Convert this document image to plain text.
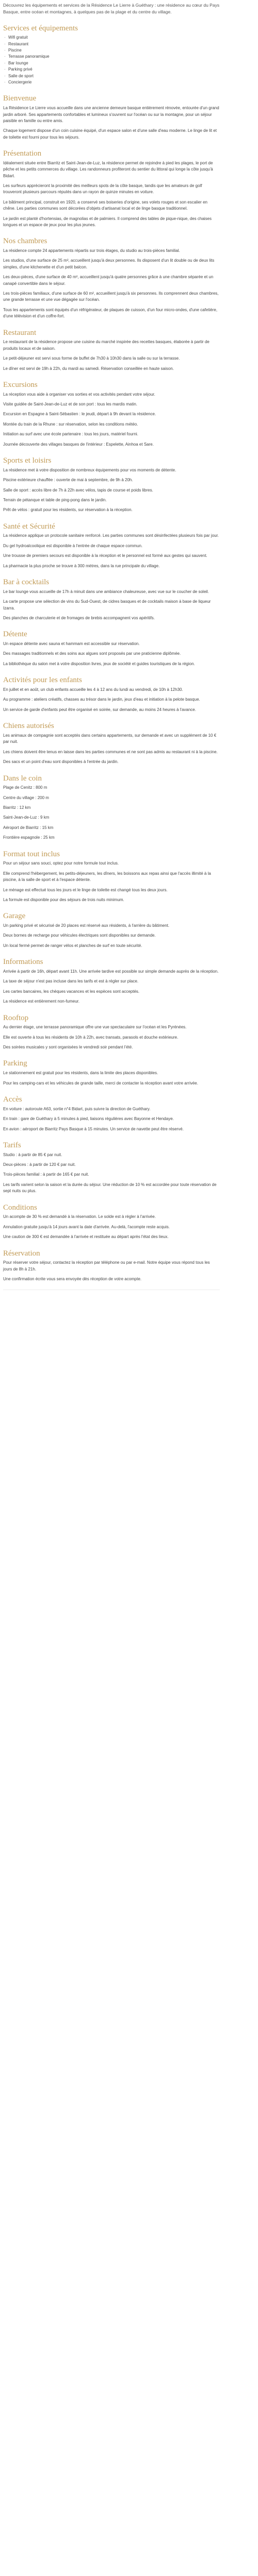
Découvrez les équipements et services de la Résidence Le Lierre à Guéthary : une résidence au cœur du Pays Basque, entre océan et montagnes, à quelques pas de la plage et du centre du village.

Services et équipements
· Wifi gratuit
· Restaurant
· Piscine
· Terrasse panoramique
· Bar lounge
· Parking privé
· Salle de sport
· Conciergerie
Bienvenue

La Résidence Le Lierre vous accueille dans une ancienne demeure basque entièrement rénovée, entourée d'un grand jardin arboré. Ses appartements confortables et lumineux s'ouvrent sur l'océan ou sur la montagne, pour un séjour paisible en famille ou entre amis.

Chaque logement dispose d'un coin cuisine équipé, d'un espace salon et d'une salle d'eau moderne. Le linge de lit et de toilette est fourni pour tous les séjours.

Présentation

Idéalement située entre Biarritz et Saint-Jean-de-Luz, la résidence permet de rejoindre à pied les plages, le port de pêche et les petits commerces du village. Les randonneurs profiteront du sentier du littoral qui longe la côte jusqu'à Bidart.

Les surfeurs apprécieront la proximité des meilleurs spots de la côte basque, tandis que les amateurs de golf trouveront plusieurs parcours réputés dans un rayon de quinze minutes en voiture.

Le bâtiment principal, construit en 1920, a conservé ses boiseries d'origine, ses volets rouges et son escalier en chêne. Les parties communes sont décorées d'objets d'artisanat local et de linge basque traditionnel.

Le jardin est planté d'hortensias, de magnolias et de palmiers. Il comprend des tables de pique-nique, des chaises longues et un espace de jeux pour les plus jeunes.

Nos chambres

La résidence compte 24 appartements répartis sur trois étages, du studio au trois-pièces familial.

Les studios, d'une surface de 25 m², accueillent jusqu'à deux personnes. Ils disposent d'un lit double ou de deux lits simples, d'une kitchenette et d'un petit balcon.

Les deux-pièces, d'une surface de 40 m², accueillent jusqu'à quatre personnes grâce à une chambre séparée et un canapé convertible dans le séjour.

Les trois-pièces familiaux, d'une surface de 60 m², accueillent jusqu'à six personnes. Ils comprennent deux chambres, une grande terrasse et une vue dégagée sur l'océan.

Tous les appartements sont équipés d'un réfrigérateur, de plaques de cuisson, d'un four micro-ondes, d'une cafetière, d'une télévision et d'un coffre-fort.

Restaurant

Le restaurant de la résidence propose une cuisine du marché inspirée des recettes basques, élaborée à partir de produits locaux et de saison.

Le petit-déjeuner est servi sous forme de buffet de 7h30 à 10h30 dans la salle ou sur la terrasse.

Le dîner est servi de 19h à 22h, du mardi au samedi. Réservation conseillée en haute saison.

Excursions

La réception vous aide à organiser vos sorties et vos activités pendant votre séjour.

Visite guidée de Saint-Jean-de-Luz et de son port : tous les mardis matin.

Excursion en Espagne à Saint-Sébastien : le jeudi, départ à 9h devant la résidence.

Montée du train de la Rhune : sur réservation, selon les conditions météo.

Initiation au surf avec une école partenaire : tous les jours, matériel fourni.

Journée découverte des villages basques de l'intérieur : Espelette, Ainhoa et Sare.

Sports et loisirs

La résidence met à votre disposition de nombreux équipements pour vos moments de détente.

Piscine extérieure chauffée : ouverte de mai à septembre, de 9h à 20h.

Salle de sport : accès libre de 7h à 22h avec vélos, tapis de course et poids libres.

Terrain de pétanque et table de ping-pong dans le jardin.

Prêt de vélos : gratuit pour les résidents, sur réservation à la réception.

Santé et Sécurité

La résidence applique un protocole sanitaire renforcé. Les parties communes sont désinfectées plusieurs fois par jour.

Du gel hydroalcoolique est disponible à l'entrée de chaque espace commun.

Une trousse de premiers secours est disponible à la réception et le personnel est formé aux gestes qui sauvent.

La pharmacie la plus proche se trouve à 300 mètres, dans la rue principale du village.

Bar à cocktails

Le bar lounge vous accueille de 17h à minuit dans une ambiance chaleureuse, avec vue sur le coucher de soleil.

La carte propose une sélection de vins du Sud-Ouest, de cidres basques et de cocktails maison à base de liqueur Izarra.

Des planches de charcuterie et de fromages de brebis accompagnent vos apéritifs.

Détente

Un espace détente avec sauna et hammam est accessible sur réservation.

Des massages traditionnels et des soins aux algues sont proposés par une praticienne diplômée.

La bibliothèque du salon met à votre disposition livres, jeux de société et guides touristiques de la région.

Activités pour les enfants

En juillet et en août, un club enfants accueille les 4 à 12 ans du lundi au vendredi, de 10h à 12h30.

Au programme : ateliers créatifs, chasses au trésor dans le jardin, jeux d'eau et initiation à la pelote basque.

Un service de garde d'enfants peut être organisé en soirée, sur demande, au moins 24 heures à l'avance.

Chiens autorisés

Les animaux de compagnie sont acceptés dans certains appartements, sur demande et avec un supplément de 10 € par nuit.

Les chiens doivent être tenus en laisse dans les parties communes et ne sont pas admis au restaurant ni à la piscine.

Des sacs et un point d'eau sont disponibles à l'entrée du jardin.

Dans le coin

Plage de Cenitz : 800 m

Centre du village : 200 m

Biarritz : 12 km

Saint-Jean-de-Luz : 9 km

Aéroport de Biarritz : 15 km

Frontière espagnole : 25 km

Format tout inclus

Pour un séjour sans souci, optez pour notre formule tout inclus.

Elle comprend l'hébergement, les petits-déjeuners, les dîners, les boissons aux repas ainsi que l'accès illimité à la piscine, à la salle de sport et à l'espace détente.

Le ménage est effectué tous les jours et le linge de toilette est changé tous les deux jours.

La formule est disponible pour des séjours de trois nuits minimum.

Garage

Un parking privé et sécurisé de 20 places est réservé aux résidents, à l'arrière du bâtiment.

Deux bornes de recharge pour véhicules électriques sont disponibles sur demande.

Un local fermé permet de ranger vélos et planches de surf en toute sécurité.

Informations

Arrivée à partir de 16h, départ avant 11h. Une arrivée tardive est possible sur simple demande auprès de la réception.

La taxe de séjour n'est pas incluse dans les tarifs et est à régler sur place.

Les cartes bancaires, les chèques vacances et les espèces sont acceptés.

La résidence est entièrement non-fumeur.

Rooftop

Au dernier étage, une terrasse panoramique offre une vue spectaculaire sur l'océan et les Pyrénées.

Elle est ouverte à tous les résidents de 10h à 22h, avec transats, parasols et douche extérieure.

Des soirées musicales y sont organisées le vendredi soir pendant l'été.

Parking

Le stationnement est gratuit pour les résidents, dans la limite des places disponibles.

Pour les camping-cars et les véhicules de grande taille, merci de contacter la réception avant votre arrivée.

Accès

En voiture : autoroute A63, sortie n°4 Bidart, puis suivre la direction de Guéthary.

En train : gare de Guéthary à 5 minutes à pied, liaisons régulières avec Bayonne et Hendaye.

En avion : aéroport de Biarritz Pays Basque à 15 minutes. Un service de navette peut être réservé.

Tarifs

Studio : à partir de 85 € par nuit.

Deux-pièces : à partir de 120 € par nuit.

Trois-pièces familial : à partir de 165 € par nuit.

Les tarifs varient selon la saison et la durée du séjour. Une réduction de 10 % est accordée pour toute réservation de sept nuits ou plus.

Conditions

Un acompte de 30 % est demandé à la réservation. Le solde est à régler à l'arrivée.

Annulation gratuite jusqu'à 14 jours avant la date d'arrivée. Au-delà, l'acompte reste acquis.

Une caution de 300 € est demandée à l'arrivée et restituée au départ après l'état des lieux.

Réservation

Pour réserver votre séjour, contactez la réception par téléphone ou par e-mail. Notre équipe vous répond tous les jours de 8h à 21h.

Une confirmation écrite vous sera envoyée dès réception de votre acompte.
